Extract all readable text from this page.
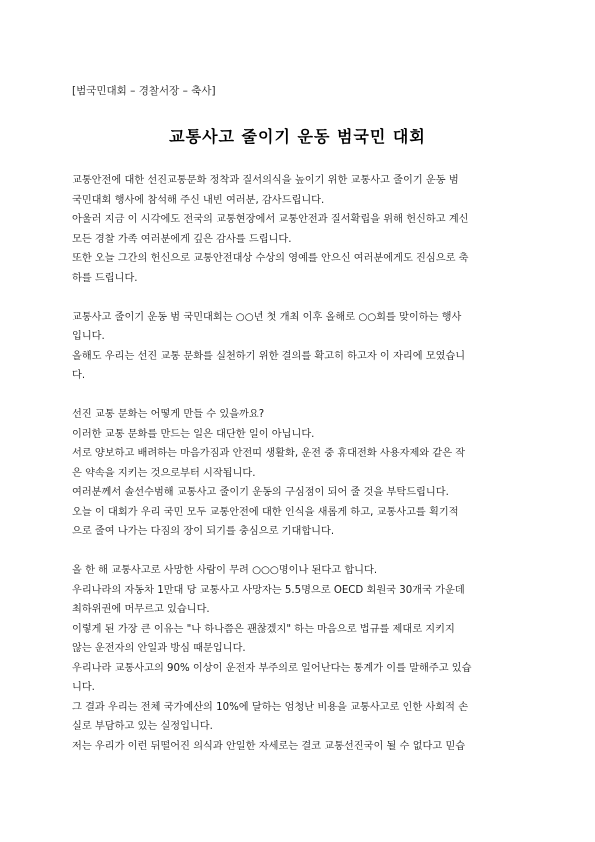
[범국민대회 – 경찰서장 – 축사]
교통사고 줄이기 운동 범국민 대회
교통안전에 대한 선진교통문화 정착과 질서의식을 높이기 위한 교통사고 줄이기 운동 범
국민대회 행사에 참석해 주신 내빈 여러분, 감사드립니다.
아울러 지금 이 시각에도 전국의 교통현장에서 교통안전과 질서확립을 위해 헌신하고 계신
모든 경찰 가족 여러분에게 깊은 감사를 드립니다.
또한 오늘 그간의 헌신으로 교통안전대상 수상의 영예를 안으신 여러분에게도 진심으로 축
하를 드립니다.
교통사고 줄이기 운동 범 국민대회는 ○○년 첫 개최 이후 올해로 ○○회를 맞이하는 행사
입니다.
올해도 우리는 선진 교통 문화를 실천하기 위한 결의를 확고히 하고자 이 자리에 모였습니
다.
선진 교통 문화는 어떻게 만들 수 있을까요?
이러한 교통 문화를 만드는 일은 대단한 일이 아닙니다.
서로 양보하고 배려하는 마음가짐과 안전띠 생활화, 운전 중 휴대전화 사용자제와 같은 작
은 약속을 지키는 것으로부터 시작됩니다.
여러분께서 솔선수범해 교통사고 줄이기 운동의 구심점이 되어 줄 것을 부탁드립니다.
오늘 이 대회가 우리 국민 모두 교통안전에 대한 인식을 새롭게 하고, 교통사고를 획기적
으로 줄여 나가는 다짐의 장이 되기를 충심으로 기대합니다.
올 한 해 교통사고로 사망한 사람이 무려 ○○○명이나 된다고 합니다.
우리나라의 자동차 1만대 당 교통사고 사망자는 5.5명으로 OECD 회원국 30개국 가운데
최하위권에 머무르고 있습니다.
이렇게 된 가장 큰 이유는 "나 하나쯤은 괜찮겠지" 하는 마음으로 법규를 제대로 지키지
않는 운전자의 안일과 방심 때문입니다.
우리나라 교통사고의 90% 이상이 운전자 부주의로 일어난다는 통계가 이를 말해주고 있습
니다.
그 결과 우리는 전체 국가예산의 10%에 달하는 엄청난 비용을 교통사고로 인한 사회적 손
실로 부담하고 있는 실정입니다.
저는 우리가 이런 뒤떨어진 의식과 안일한 자세로는 결코 교통선진국이 될 수 없다고 믿습
